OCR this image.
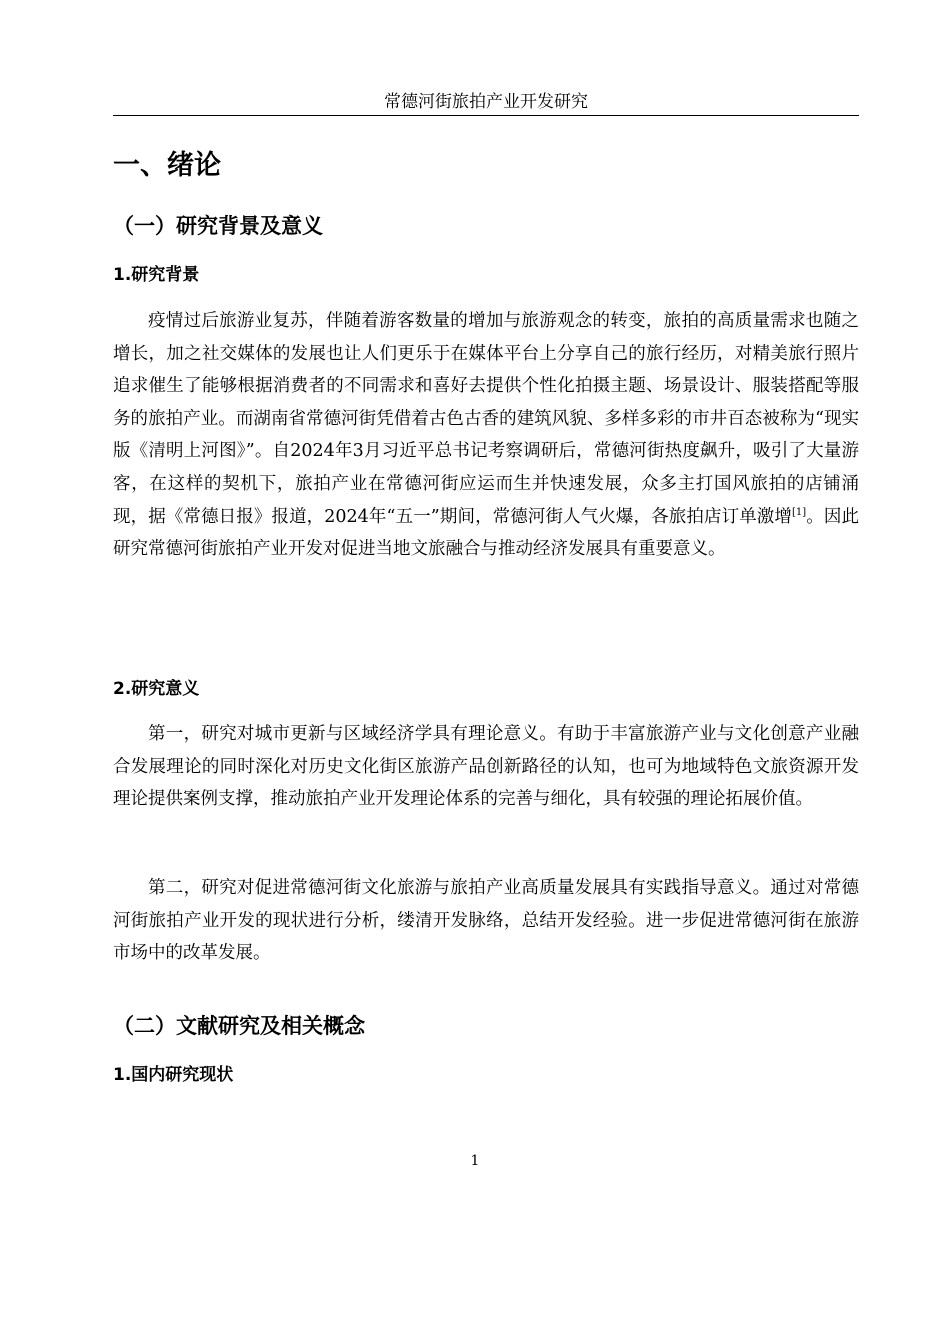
常德河街旅拍产业开发研究
一、绪论
（一）研究背景及意义
1.研究背景

疫情过后旅游业复苏，伴随着游客数量的增加与旅游观念的转变，旅拍的高质量需求也随之增长，加之社交媒体的发展也让人们更乐于在媒体平台上分享自己的旅行经历，对精美旅行照片追求催生了能够根据消费者的不同需求和喜好去提供个性化拍摄主题、场景设计、服装搭配等服务的旅拍产业。而湖南省常德河街凭借着古色古香的建筑风貌、多样多彩的市井百态被称为“现实版《清明上河图》”。自2024年3月习近平总书记考察调研后，常德河街热度飙升，吸引了大量游客，在这样的契机下，旅拍产业在常德河街应运而生并快速发展，众多主打国风旅拍的店铺涌现，据《常德日报》报道，2024年“五一”期间，常德河街人气火爆，各旅拍店订单激增[1]。因此研究常德河街旅拍产业开发对促进当地文旅融合与推动经济发展具有重要意义。

2.研究意义

第一，研究对城市更新与区域经济学具有理论意义。有助于丰富旅游产业与文化创意产业融合发展理论的同时深化对历史文化街区旅游产品创新路径的认知，也可为地域特色文旅资源开发理论提供案例支撑，推动旅拍产业开发理论体系的完善与细化，具有较强的理论拓展价值。

第二，研究对促进常德河街文化旅游与旅拍产业高质量发展具有实践指导意义。通过对常德河街旅拍产业开发的现状进行分析，缕清开发脉络，总结开发经验。进一步促进常德河街在旅游市场中的改革发展。

（二）文献研究及相关概念
1.国内研究现状
1
